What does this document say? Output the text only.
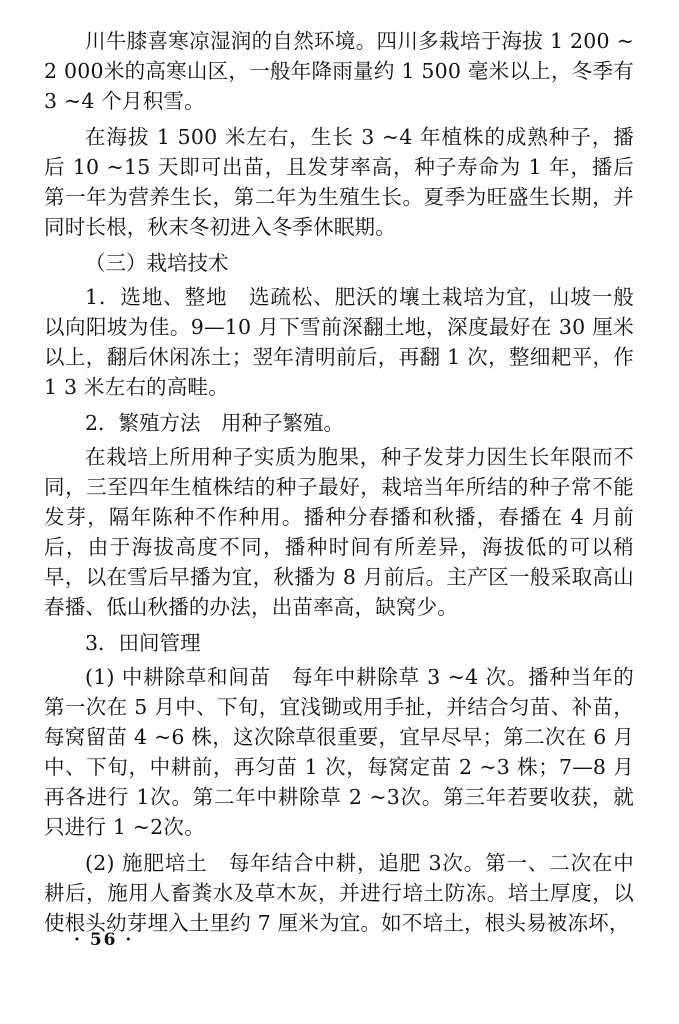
川牛膝喜寒凉湿润的自然环境。四川多栽培于海拔 1 200 ~ 2 000米的高寒山区，一般年降雨量约 1 500 毫米以上，冬季有 3 ~4 个月积雪。

在海拔 1 500 米左右，生长 3 ~4 年植株的成熟种子，播后 10 ~15 天即可出苗，且发芽率高，种子寿命为 1 年，播后第一年为营养生长，第二年为生殖生长。夏季为旺盛生长期，并同时长根，秋末冬初进入冬季休眠期。

（三）栽培技术

1．选地、整地　选疏松、肥沃的壤土栽培为宜，山坡一般以向阳坡为佳。9—10 月下雪前深翻土地，深度最好在 30 厘米以上，翻后休闲冻土；翌年清明前后，再翻 1 次，整细耙平，作 1 3 米左右的高畦。

2．繁殖方法　用种子繁殖。

在栽培上所用种子实质为胞果，种子发芽力因生长年限而不同，三至四年生植株结的种子最好，栽培当年所结的种子常不能发芽，隔年陈种不作种用。播种分春播和秋播，春播在 4 月前后，由于海拔高度不同，播种时间有所差异，海拔低的可以稍早，以在雪后早播为宜，秋播为 8 月前后。主产区一般采取高山春播、低山秋播的办法，出苗率高，缺窝少。

3．田间管理

(1) 中耕除草和间苗　每年中耕除草 3 ~4 次。播种当年的第一次在 5 月中、下旬，宜浅锄或用手扯，并结合匀苗、补苗，每窝留苗 4 ~6 株，这次除草很重要，宜早尽早；第二次在 6 月中、下旬，中耕前，再匀苗 1 次，每窝定苗 2 ~3 株；7—8 月再各进行 1次。第二年中耕除草 2 ~3次。第三年若要收获，就只进行 1 ~2次。

(2) 施肥培土　每年结合中耕，追肥 3次。第一、二次在中耕后，施用人畜粪水及草木灰，并进行培土防冻。培土厚度，以使根头幼芽埋入土里约 7 厘米为宜。如不培土，根头易被冻坏，

· 56 ·
